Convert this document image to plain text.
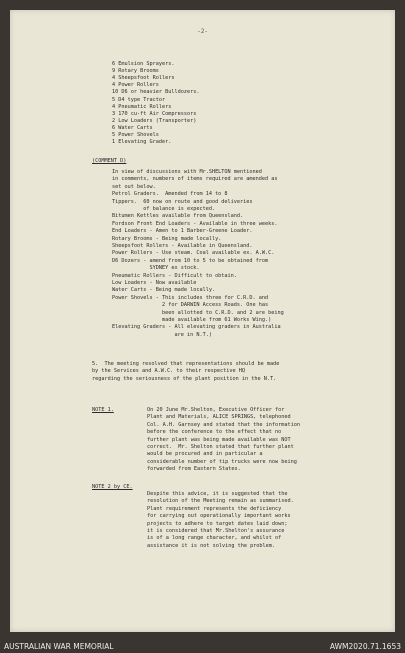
-2-
6 Emulsion Sprayers.
9 Rotary Brooms
4 Sheepsfoot Rollers
4 Power Rollers
10 D6 or heavier Bulldozers.
5 D4 type Tractor
4 Pneumatic Rollers
3 170 cu-ft Air Compressors
2 Low Loaders (Transporter)
6 Water Carts
5 Power Shovels
1 Elevating Grader.
(COMMENT D)
In view of discussions with Mr.SHELTON mentioned
in comments, numbers of items required are amended as
set out below.
Petrol Graders.  Amended from 14 to 8
Tippers.  60 now on route and good deliveries
of balance is expected.
Bitumen Kettles available from Queensland.
Fordson Front End Loaders - Available in three weeks.
End Loaders - Amen to 1 Barber-Greene Loader.
Rotary Brooms - Being made locally.
Sheepsfoot Rollers - Available in Queensland.
Power Rollers - Use steam. Coal available ex. A.W.C.
D6 Dozers - amend from 10 to 5 to be obtained from
SYDNEY ex stock.
Pneumatic Rollers - Difficult to obtain.
Low Loaders - Now available
Water Carts - Being made locally.
Power Shovels - This includes three for C.R.D. and
2 for DARWIN Access Roads. One has
been allotted to C.R.D. and 2 are being
made available from 61 Works Wing.)
Elevating Graders - All elevating graders in Australia
are in N.T.)
5.  The meeting resolved that representations should be made
by the Services and A.W.C. to their respective HQ
regarding the seriousness of the plant position in the N.T.
NOTE 1.	On 20 June Mr.Shelton, Executive Officer for
Plant and Materials, ALICE SPRINGS, telephoned
Col. A.H. Garnsey and stated that the information
before the conference to the effect that no
further plant was being made available was NOT
correct.  Mr. Shelton stated that further plant
would be procured and in particular a
considerable number of tip trucks were now being
forwarded from Eastern States.
NOTE 2 by CE.
Despite this advice, it is suggested that the
resolution of the Meeting remain as summarised.
Plant requirement represents the deficiency
for carrying out operationally important works
projects to adhere to target dates laid down;
it is considered that Mr.Shelton's assurance
is of a long range character, and whilst of
assistance it is not solving the problem.
AUSTRALIAN WAR MEMORIAL	AWM2020.71.1653
